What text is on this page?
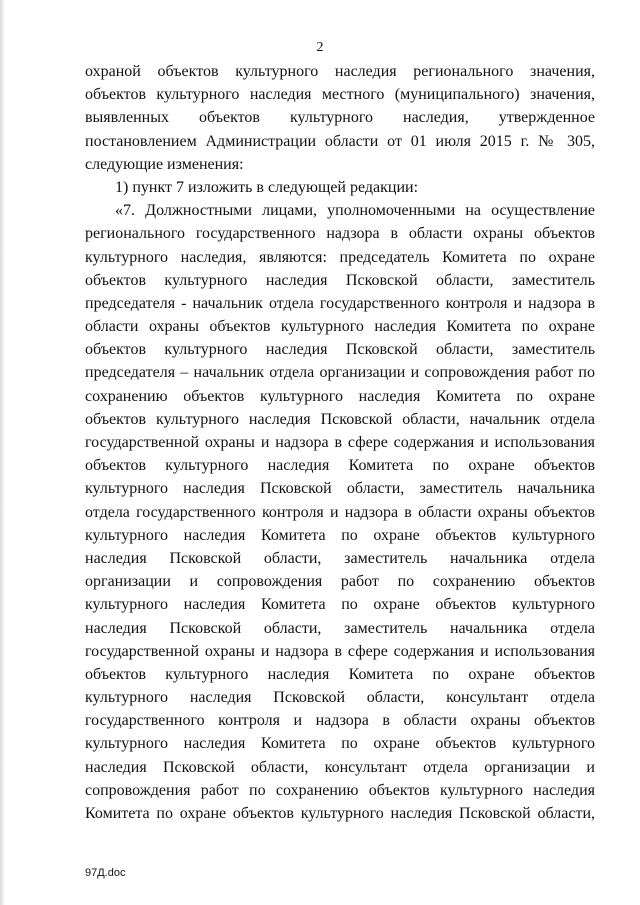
2
охраной объектов культурного наследия регионального значения,
объектов культурного наследия местного (муниципального) значения,
выявленных объектов культурного наследия, утвержденное
постановлением Администрации области от 01 июля 2015 г. № 305,
следующие изменения:
1) пункт 7 изложить в следующей редакции:
«7. Должностными лицами, уполномоченными на осуществление
регионального государственного надзора в области охраны объектов
культурного наследия, являются: председатель Комитета по охране
объектов культурного наследия Псковской области, заместитель
председателя - начальник отдела государственного контроля и надзора в
области охраны объектов культурного наследия Комитета по охране
объектов культурного наследия Псковской области, заместитель
председателя – начальник отдела организации и сопровождения работ по
сохранению объектов культурного наследия Комитета по охране
объектов культурного наследия Псковской области, начальник отдела
государственной охраны и надзора в сфере содержания и использования
объектов культурного наследия Комитета по охране объектов
культурного наследия Псковской области, заместитель начальника
отдела государственного контроля и надзора в области охраны объектов
культурного наследия Комитета по охране объектов культурного
наследия Псковской области, заместитель начальника отдела
организации и сопровождения работ по сохранению объектов
культурного наследия Комитета по охране объектов культурного
наследия Псковской области, заместитель начальника отдела
государственной охраны и надзора в сфере содержания и использования
объектов культурного наследия Комитета по охране объектов
культурного наследия Псковской области, консультант отдела
государственного контроля и надзора в области охраны объектов
культурного наследия Комитета по охране объектов культурного
наследия Псковской области, консультант отдела организации и
сопровождения работ по сохранению объектов культурного наследия
Комитета по охране объектов культурного наследия Псковской области,
97Д.doc
